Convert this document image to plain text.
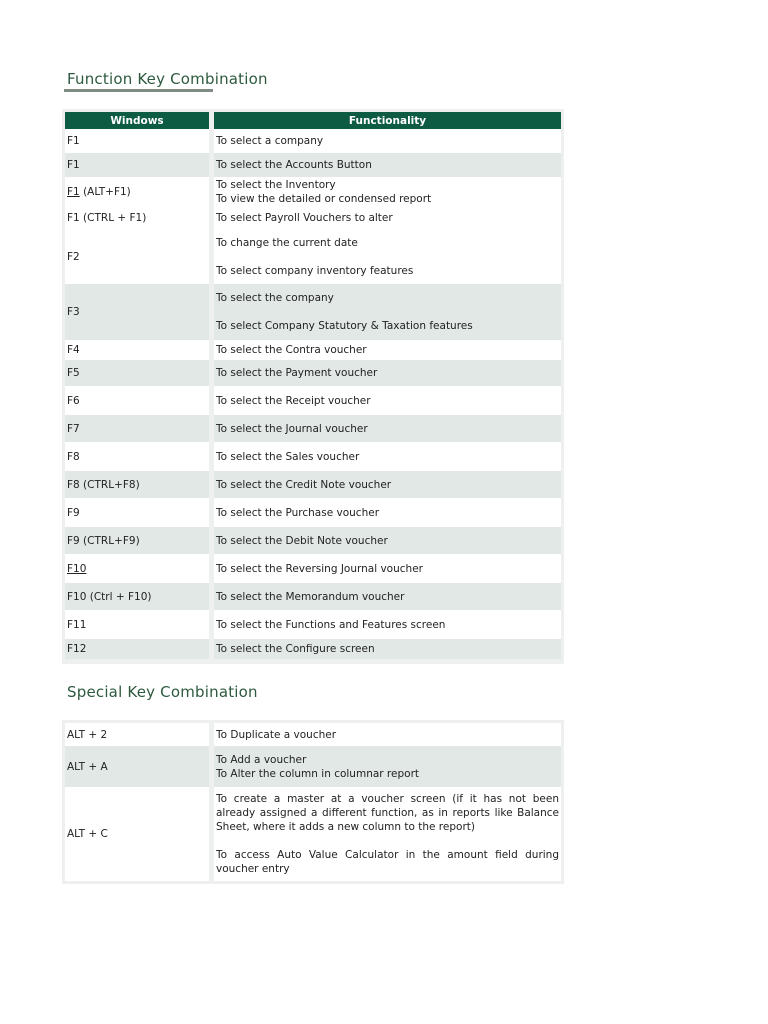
Function Key Combination
Windows		Functionality
F1		To select a company
F1		To select the Accounts Button
F1 (ALT+F1)		To select the Inventory
To view the detailed or condensed report

F1 (CTRL + F1)		To select Payroll Vouchers to alter
F2		To change the current date
To select company inventory features

F3		To select the company
To select Company Statutory & Taxation features

F4		To select the Contra voucher
F5		To select the Payment voucher
F6		To select the Receipt voucher
F7		To select the Journal voucher
F8		To select the Sales voucher
F8 (CTRL+F8)		To select the Credit Note voucher
F9		To select the Purchase voucher
F9 (CTRL+F9)		To select the Debit Note voucher
F10		To select the Reversing Journal voucher
F10 (Ctrl + F10)		To select the Memorandum voucher
F11		To select the Functions and Features screen
F12		To select the Configure screen
Special Key Combination
ALT + 2		To Duplicate a voucher
ALT + A		To Add a voucher
To Alter the column in columnar report

ALT + C		To create a master at a voucher screen (if it has not been already assigned a different function, as in reports like Balance Sheet, where it adds a new column to the report)
To access Auto Value Calculator in the amount field during voucher entry
